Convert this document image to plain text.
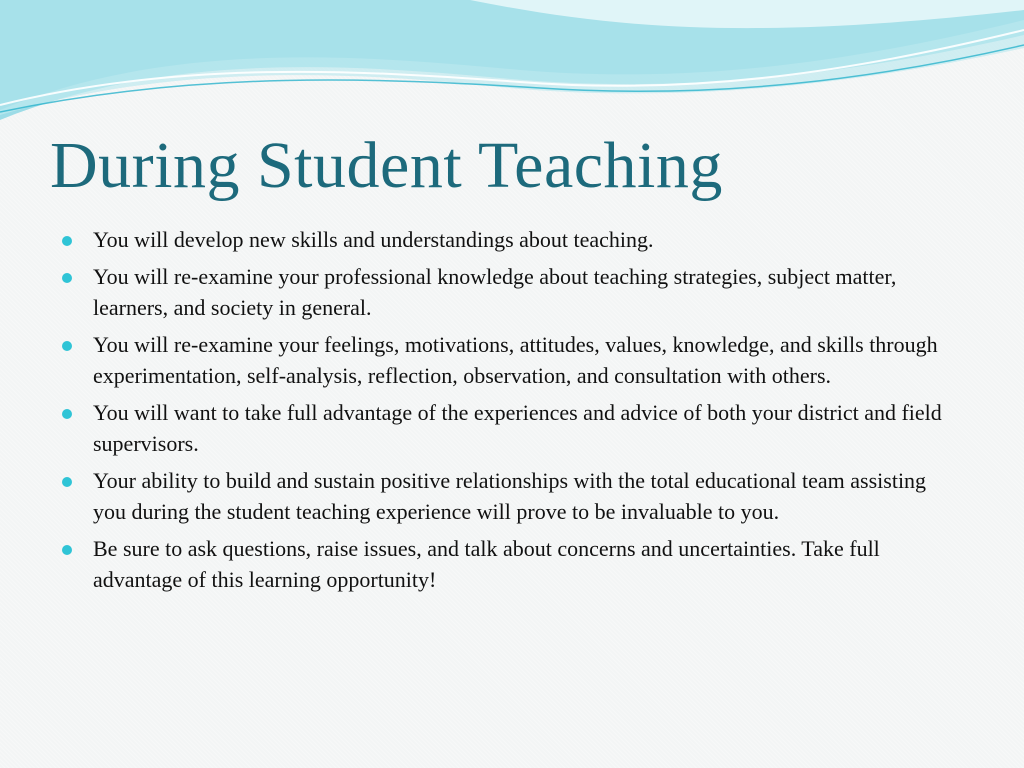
During Student Teaching
You will develop new skills and understandings about teaching.
You will re-examine your professional knowledge about teaching strategies, subject matter, learners, and society in general.
You will re-examine your feelings, motivations, attitudes, values, knowledge, and skills through experimentation, self-analysis, reflection, observation, and consultation with others.
You will want to take full advantage of the experiences and advice of both your district and field supervisors.
Your ability to build and sustain positive relationships with the total educational team assisting you during the student teaching experience will prove to be invaluable to you.
Be sure to ask questions, raise issues, and talk about concerns and uncertainties. Take full advantage of this learning opportunity!
